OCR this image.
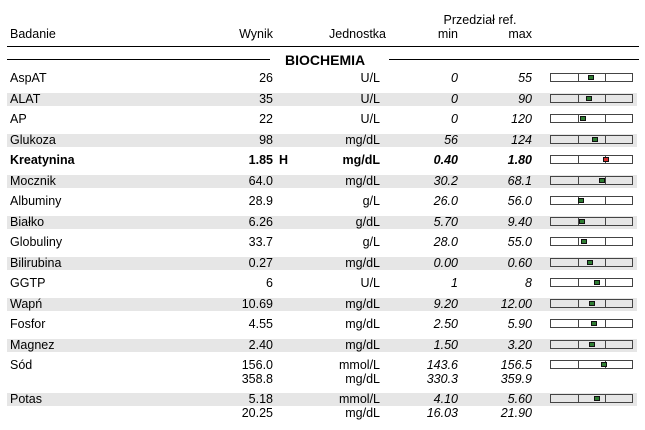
Badanie	Wynik	Jednostka
Przedział ref.
min	max
BIOCHEMIA
AspAT	26	U/L	0	55
ALAT	35	U/L	0	90
AP	22	U/L	0	120
Glukoza	98	mg/dL	56	124
Kreatynina	1.85 H	mg/dL	0.40	1.80
Mocznik	64.0	mg/dL	30.2	68.1
Albuminy	28.9	g/L	26.0	56.0
Białko	6.26	g/dL	5.70	9.40
Globuliny	33.7	g/L	28.0	55.0
Bilirubina	0.27	mg/dL	0.00	0.60
GGTP	6	U/L	1	8
Wapń	10.69	mg/dL	9.20	12.00
Fosfor	4.55	mg/dL	2.50	5.90
Magnez	2.40	mg/dL	1.50	3.20
Sód	156.0	mmol/L	143.6	156.5
358.8	mg/dL	330.3	359.9
Potas	5.18	mmol/L	4.10	5.60
20.25	mg/dL	16.03	21.90
